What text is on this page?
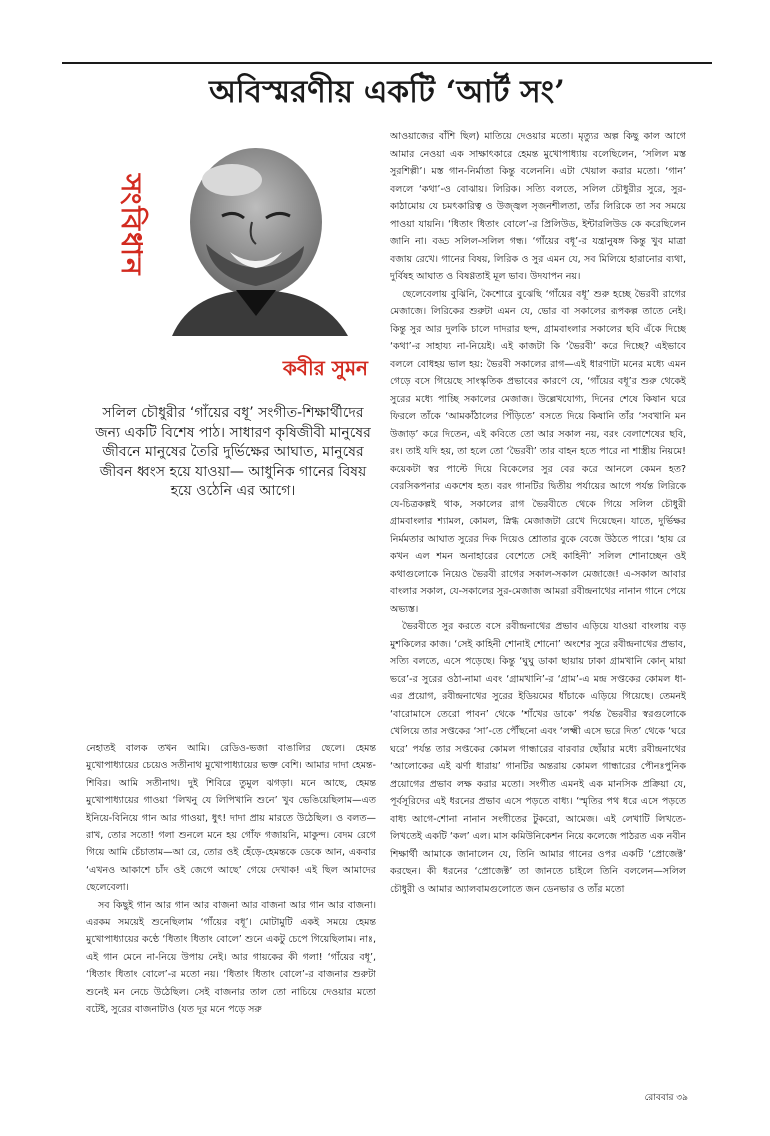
অবিস্মরণীয় একটি ‘আর্ট সং’
সংবিধান

কবীর সুমন

সলিল চৌধুরীর ‘গাঁয়ের বধূ’ সংগীত-শিক্ষার্থীদের জন্য একটি বিশেষ পাঠ। সাধারণ কৃষিজীবী মানুষের জীবনে মানুষের তৈরি দুর্ভিক্ষের আঘাত, মানুষের জীবন ধ্বংস হয়ে যাওয়া— আধুনিক গানের বিষয় হয়ে ওঠেনি এর আগে।

নেহাতই বালক তখন আমি। রেডিও-ভজা বাঙালির ছেলে। হেমন্ত মুখোপাধ্যায়ের চেয়েও সতীনাথ মুখোপাধ্যায়ের ভক্ত বেশি। আমার দাদা হেমন্ত-শিবির। আমি সতীনাথ। দুই শিবিরে তুমুল ঝগড়া। মনে আছে, হেমন্ত মুখোপাধ্যায়ের গাওয়া ‘লিখনু যে লিপিখানি শুনে’ খুব ভেঙিয়েছিলাম—এত ইনিয়ে-বিনিয়ে গান আর গাওয়া, ধুৎ! দাদা প্রায় মারতে উঠেছিল। ও বলত—রাখ, তোর সতো! গলা শুনলে মনে হয় গোঁফ গজায়নি, মাকুন্দ। বেদম রেগে গিয়ে আমি চেঁচাতাম—আ রে, তোর ওই হেঁড়ে-হেমন্তকে ডেকে আন, একবার ‘এখনও আকাশে চাঁদ ওই জেগে আছে’ গেয়ে দেখাক! এই ছিল আমাদের ছেলেবেলা।

সব কিছুই গান আর গান আর বাজনা আর বাজনা আর গান আর বাজনা। এরকম সময়েই শুনেছিলাম ‘গাঁয়ের বধূ’। মোটামুটি একই সময়ে হেমন্ত মুখোপাধ্যায়ের কণ্ঠে ‘ধিতাং ধিতাং বোলে’ শুনে একটু চেপে গিয়েছিলাম। নাঃ, এই গান মেনে না-নিয়ে উপায় নেই। আর গায়কের কী গলা! ‘গাঁয়ের বধূ’, ‘ধিতাং ধিতাং বোলে’-র মতো নয়। ‘ধিতাং ধিতাং বোলে’-র বাজনার শুরুটা শুনেই মন নেচে উঠেছিল। সেই বাজনার তাল তো নাচিয়ে দেওয়ার মতো বটেই, সুরের বাজনাটাও (যত দূর মনে পড়ে সরু

আওয়াজের বাঁশি ছিল) মাতিয়ে দেওয়ার মতো। মৃত্যুর অল্প কিছু কাল আগে আমার নেওয়া এক সাক্ষাৎকারে হেমন্ত মুখোপাধ্যায় বলেছিলেন, ‘সলিল মস্ত সুরশিল্পী’। মস্ত গান-নির্মাতা কিন্তু বলেননি। এটা খেয়াল করার মতো। ‘গান’ বললে ‘কথা’-ও বোঝায়। লিরিক। সত্যি বলতে, সলিল চৌধুরীর সুরে, সুর-কাঠামোয় যে চমৎকারিত্ব ও উজ্জ্বল সৃজনশীলতা, তাঁর লিরিকে তা সব সময়ে পাওয়া যায়নি। ‘ধিতাং ধিতাং বোলে’-র প্রিলিউড, ইন্টারলিউড কে করেছিলেন জানি না। বড্ড সলিল-সলিল গন্ধ। ‘গাঁয়ের বধূ’-র যন্ত্রানুষঙ্গ কিন্তু খুব মাত্রা বজায় রেখে। গানের বিষয়, লিরিক ও সুর এমন যে, সব মিলিয়ে হারানোর ব্যথা, দুর্বিষহ আঘাত ও বিষণ্ণতাই মূল ভাব। উদযাপন নয়।

ছেলেবেলায় বুঝিনি, কৈশোরে বুঝেছি ‘গাঁয়ের বধূ’ শুরু হচ্ছে ভৈরবী রাগের মেজাজে। লিরিকের শুরুটা এমন যে, ভোর বা সকালের রূপকল্প তাতে নেই। কিন্তু সুর আর দুলকি চালে দাদরার ছন্দ, গ্রামবাংলার সকালের ছবি এঁকে দিচ্ছে ‘কথা’-র সাহায্য না-নিয়েই। এই কাজটা কি ‘ভৈরবী’ করে দিচ্ছে? এইভাবে বললে বোধহয় ভাল হয়: ভৈরবী সকালের রাগ—এই ধারণাটা মনের মধ্যে এমন গেড়ে বসে গিয়েছে সাংস্কৃতিক প্রভাবের কারণে যে, ‘গাঁয়ের বধূ’র শুরু থেকেই সুরের মধ্যে পাচ্ছি সকালের মেজাজ। উল্লেখযোগ্য, দিনের শেষে কিষান ঘরে ফিরলে তাঁকে ‘আমকাঁঠালের পিঁড়িতে’ বসতে দিয়ে কিষানি তাঁর ‘সবখানি মন উজাড়’ করে দিতেন, এই কবিতে তো আর সকাল নয়, বরং বেলাশেষের ছবি, রং। তাই যদি হয়, তা হলে তো ‘ভৈরবী’ তার বাহন হতে পারে না শাস্ত্রীয় নিয়মে! কয়েকটা স্বর পাল্টে দিয়ে বিকেলের সুর বের করে আনলে কেমন হত? বেরসিকপনার একশেষ হত। বরং গানটির দ্বিতীয় পর্যায়ের আগে পর্যন্ত লিরিকে যে-চিত্রকল্পই থাক, সকালের রাগ ভৈরবীতে থেকে গিয়ে সলিল চৌধুরী গ্রামবাংলার শ্যামল, কোমল, স্নিগ্ধ মেজাজটা রেখে দিয়েছেন। যাতে, দুর্ভিক্ষর নির্মমতার আঘাত সুরের দিক দিয়েও শ্রোতার বুকে বেজে উঠতে পারে। ‘হায় রে কখন এল শমন অনাহারের বেশেতে সেই কাহিনী’ সলিল শোনাচ্ছেন ওই কথাগুলোকে নিয়েও ভৈরবী রাগের সকাল-সকাল মেজাজে! এ-সকাল আবার বাংলার সকাল, যে-সকালের সুর-মেজাজ আমরা রবীন্দ্রনাথের নানান গানে পেয়ে অভ্যস্ত।

ভৈরবীতে সুর করতে বসে রবীন্দ্রনাথের প্রভাব এড়িয়ে যাওয়া বাংলায় বড় মুশকিলের কাজ। ‘সেই কাহিনী শোনাই শোনো’ অংশের সুরে রবীন্দ্রনাথের প্রভাব, সত্যি বলতে, এসে পড়েছে। কিন্তু ‘ঘুঘু ডাকা ছায়ায় ঢাকা গ্রামখানি কোন্ মায়া ভরে’-র সুরের ওঠা-নামা এবং ‘গ্রামখানি’-র ‘গ্রাম’-এ মন্দ্র সপ্তকের কোমল ধা-এর প্রয়োগ, রবীন্দ্রনাথের সুরের ইডিয়মের ধাঁচাকে এড়িয়ে গিয়েছে। তেমনই ‘বারোমাসে তেরো পাবন’ থেকে ‘শাঁখের ডাকে’ পর্যন্ত ভৈরবীর স্বরগুলোকে খেলিয়ে তার সপ্তকের ‘সা’-তে পৌঁছনো এবং ‘লক্ষ্মী এসে ভরে দিত’ থেকে ‘ঘরে ঘরে’ পর্যন্ত তার সপ্তকের কোমল গান্ধারের বারবার ছোঁয়ার মধ্যে রবীন্দ্রনাথের ‘আলোকের এই ঝর্ণা ধারায়’ গানটির অন্তরায় কোমল গান্ধারের পৌনঃপুনিক প্রয়োগের প্রভাব লক্ষ করার মতো। সংগীত এমনই এক মানসিক প্রক্রিয়া যে, পূর্বসূরিদের এই ধরনের প্রভাব এসে পড়তে বাধ্য। ‘স্মৃতির পথ ধরে এসে পড়তে বাধ্য আগে-শোনা নানান সংগীতের টুকরো, আমেজ। এই লেখাটি লিখতে-লিখতেই একটি ‘কল’ এল। মাস কমিউনিকেশন নিয়ে কলেজে পাঠরত এক নবীন শিক্ষার্থী আমাকে জানালেন যে, তিনি আমার গানের ওপর একটি ‘প্রোজেক্ট’ করছেন। কী ধরনের ‘প্রোজেক্ট’ তা জানতে চাইলে তিনি বললেন—সলিল চৌধুরী ও আমার অ্যালবামগুলোতে জন ডেনভার ও তাঁর মতো

রোববার ৩৯
